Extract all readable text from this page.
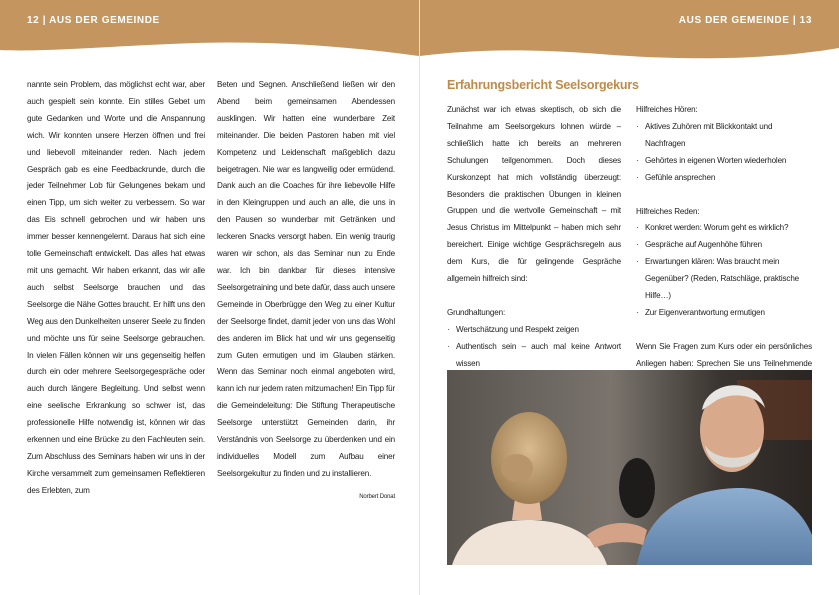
12 | AUS DER GEMEINDE	AUS DER GEMEINDE | 13

nannte sein Problem, das möglichst echt war, aber auch gespielt sein konnte. Ein stilles Gebet um gute Gedanken und Worte und die Anspannung wich. Wir konnten unsere Herzen öffnen und frei und liebevoll miteinander reden. Nach jedem Gespräch gab es eine Feedbackrunde, durch die jeder Teilnehmer Lob für Gelungenes bekam und einen Tipp, um sich weiter zu verbessern. So war das Eis schnell gebrochen und wir haben uns immer besser kennengelernt. Daraus hat sich eine tolle Gemeinschaft entwickelt. Das alles hat etwas mit uns gemacht. Wir haben erkannt, das wir alle auch selbst Seelsorge brauchen und das Seelsorge die Nähe Gottes braucht. Er hilft uns den Weg aus den Dunkelheiten unserer Seele zu finden und möchte uns für seine Seelsorge gebrauchen. In vielen Fällen können wir uns gegenseitig helfen durch ein oder mehrere Seelsorgegespräche oder auch durch längere Begleitung. Und selbst wenn eine seelische Erkrankung so schwer ist, das professionelle Hilfe notwendig ist, können wir das erkennen und eine Brücke zu den Fachleuten sein. Zum Abschluss des Seminars haben wir uns in der Kirche versammelt zum gemeinsamen Reflektieren des Erlebten, zum

Beten und Segnen. Anschließend ließen wir den Abend beim gemeinsamen Abendessen ausklingen. Wir hatten eine wunderbare Zeit miteinander. Die beiden Pastoren haben mit viel Kompetenz und Leidenschaft maßgeblich dazu beigetragen. Nie war es langweilig oder ermüdend. Dank auch an die Coaches für ihre liebevolle Hilfe in den Kleingruppen und auch an alle, die uns in den Pausen so wunderbar mit Getränken und leckeren Snacks versorgt haben. Ein wenig traurig waren wir schon, als das Seminar nun zu Ende war. Ich bin dankbar für dieses intensive Seelsorgetraining und bete dafür, dass auch unsere Gemeinde in Oberbrügge den Weg zu einer Kultur der Seelsorge findet, damit jeder von uns das Wohl des anderen im Blick hat und wir uns gegenseitig zum Guten ermutigen und im Glauben stärken. Wenn das Seminar noch einmal angeboten wird, kann ich nur jedem raten mitzumachen! Ein Tipp für die Gemeindeleitung: Die Stiftung Therapeutische Seelsorge unterstützt Gemeinden darin, ihr Verständnis von Seelsorge zu überdenken und ein individuelles Modell zum Aufbau einer Seelsorgekultur zu finden und zu installieren.

Norbert Donat
Erfahrungsbericht Seelsorgekurs

Zunächst war ich etwas skeptisch, ob sich die Teilnahme am Seelsorgekurs lohnen würde – schließlich hatte ich bereits an mehreren Schulungen teilgenommen. Doch dieses Kurskonzept hat mich vollständig überzeugt: Besonders die praktischen Übungen in kleinen Gruppen und die wertvolle Gemeinschaft – mit Jesus Christus im Mittelpunkt – haben mich sehr bereichert. Einige wichtige Gesprächsregeln aus dem Kurs, die für gelingende Gespräche allgemein hilfreich sind:

Grundhaltungen:

· Wertschätzung und Respekt zeigen
· Authentisch sein – auch mal keine Antwort wissen

Hilfreiches Hören:

· Aktives Zuhören mit Blickkontakt und Nachfragen
· Gehörtes in eigenen Worten wiederholen
· Gefühle ansprechen

Hilfreiches Reden:

· Konkret werden: Worum geht es wirklich?
· Gespräche auf Augenhöhe führen
· Erwartungen klären: Was braucht mein Gegenüber? (Reden, Ratschläge, praktische Hilfe…)
· Zur Eigenverantwortung ermutigen

Wenn Sie Fragen zum Kurs oder ein persönliches Anliegen haben: Sprechen Sie uns Teilnehmende
